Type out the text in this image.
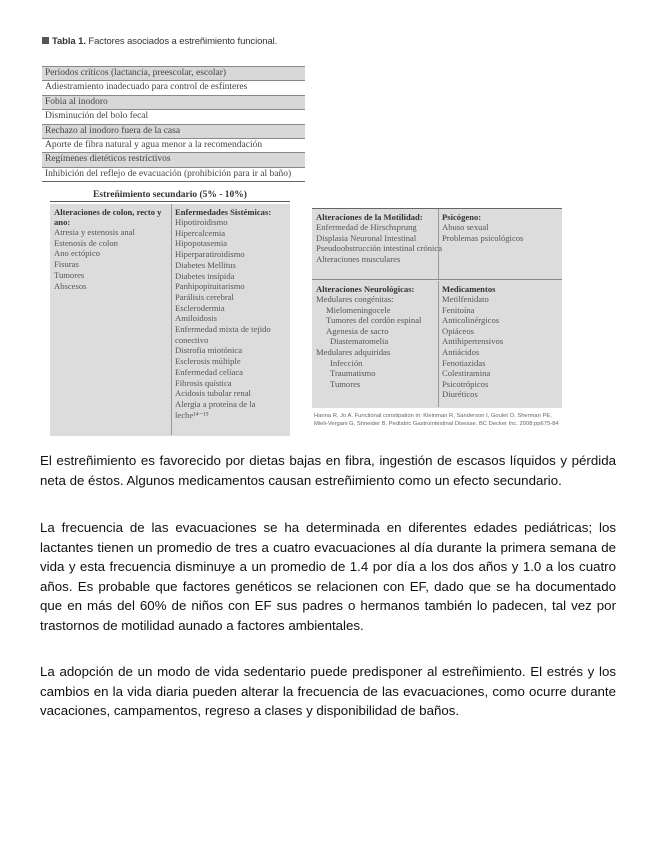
Tabla 1. Factores asociados a estreñimiento funcional.
Períodos críticos (lactancia, preescolar, escolar)
Adiestramiento inadecuado para control de esfínteres
Fobia al inodoro
Disminución del bolo fecal
Rechazo al inodoro fuera de la casa
Aporte de fibra natural y agua menor a la recomendación
Regímenes dietéticos restrictivos
Inhibición del reflejo de evacuación (prohibición para ir al baño)
Estreñimiento secundario (5% - 10%)
Alteraciones de colon, recto y ano:
Atresia y estenosis anal
Estenosis de colon
Ano ectópico
Fisuras
Tumores
Abscesos
Enfermedades Sistémicas:
Hipotiroidismo
Hipercalcemia
Hipopotasemia
Hiperparatiroidismo
Diabetes Mellitus
Diabetes insípida
Panhipopituitarismo
Parálisis cerebral
Esclerodermia
Amiloidosis
Enfermedad mixta de tejido conectivo
Distrofia miotónica
Esclerosis múltiple
Enfermedad celíaca
Fibrosis quística
Acidosis tubular renal
Alergia a proteína de la leche¹⁴⁻¹⁵
Alteraciones de la Motilidad:
Enfermedad de Hirschsprung
Displasia Neuronal Intestinal
Pseudoobstrucción intestinal crónica
Alteraciones musculares
Psicógeno:
Abuso sexual
Problemas psicológicos
Alteraciones Neurológicas:
Medulares congénitas:
Mielomeningocele
Tumores del cordón espinal
Agenesia de sacro
Diastematomelia
Medulares adquiridas
Infección
Traumatismo
Tumores
Medicamentos
Metilfenidato
Fenitoína
Anticolinérgicos
Opiáceos
Antihipertensivos
Antiácidos
Fenotiazidas
Colestiramina
Psicotrópicos
Diuréticos
Hanna R, Jo A. Functional constipation in: Kleinman R, Sanderson I, Goulet O, Sherman PE, Mieli-Vergani G, Shneider B. Pediatric Gastrointestinal Disease. BC Decker Inc. 2008:pp675-84

El estreñimiento es favorecido por dietas bajas en fibra, ingestión de escasos líquidos y pérdida neta de éstos. Algunos medicamentos causan estreñimiento como un efecto secundario.

La frecuencia de las evacuaciones se ha determinada en diferentes edades pediátricas; los lactantes tienen un promedio de tres a cuatro evacuaciones al día durante la primera semana de vida y esta frecuencia disminuye a un promedio de 1.4 por día a los dos años y 1.0 a los cuatro años. Es probable que factores genéticos se relacionen con EF, dado que se ha documentado que en más del 60% de niños con EF sus padres o hermanos también lo padecen, tal vez por trastornos de motilidad aunado a factores ambientales.

La adopción de un modo de vida sedentario puede predisponer al estreñimiento. El estrés y los cambios en la vida diaria pueden alterar la frecuencia de las evacuaciones, como ocurre durante vacaciones, campamentos, regreso a clases y disponibilidad de baños.
